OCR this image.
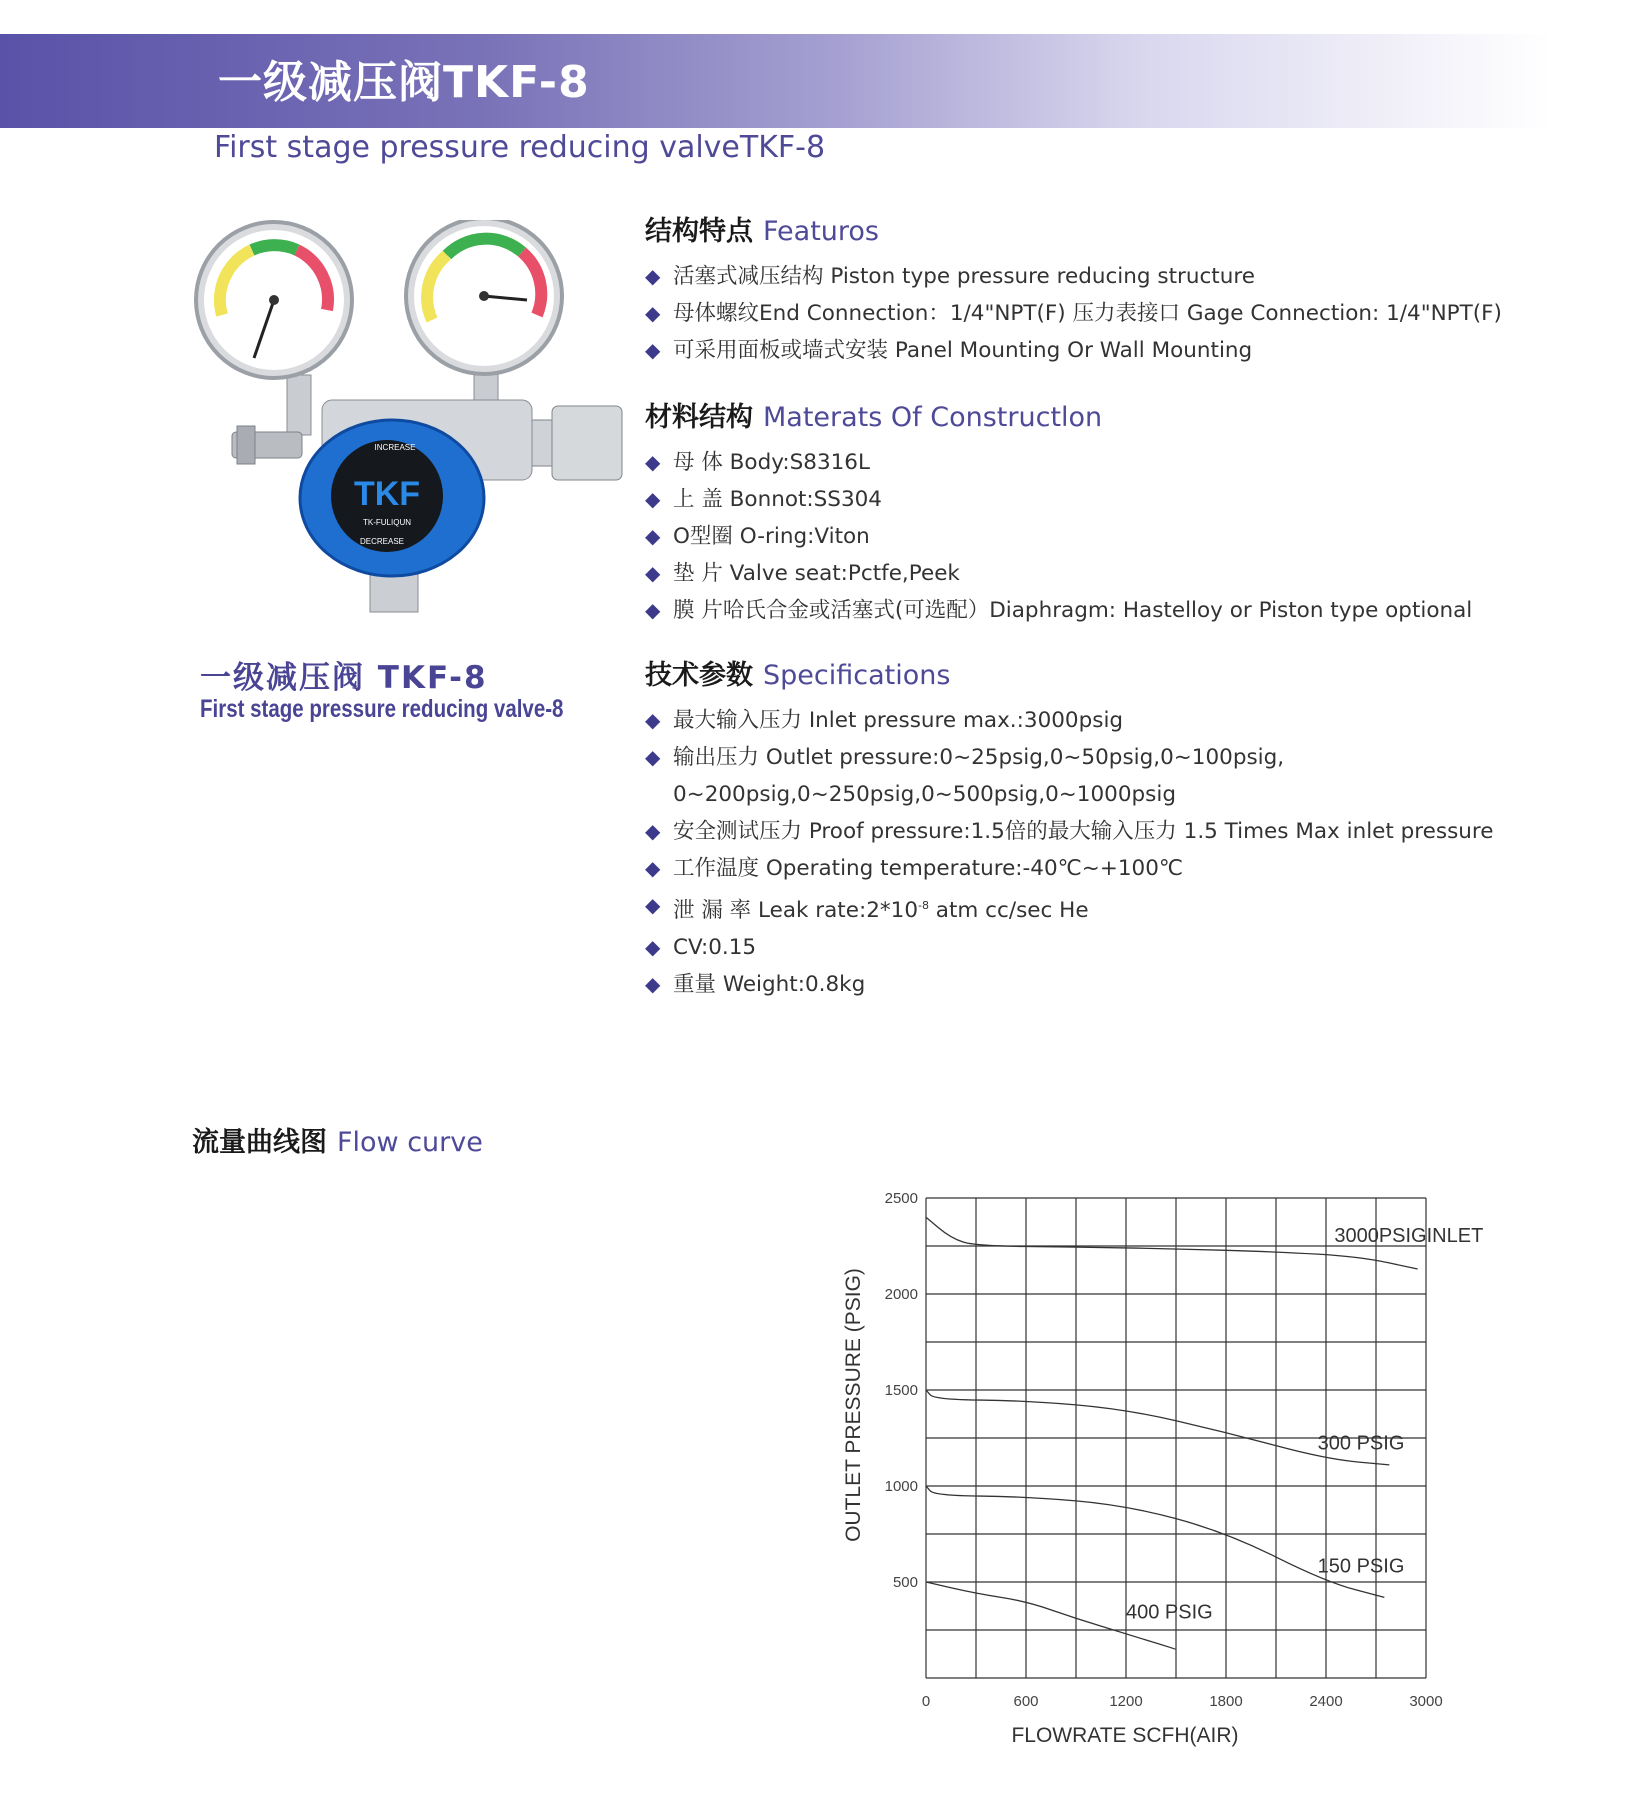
一级减压阀TKF-8
First stage pressure reducing valveTKF-8
TKF
TK-FULIQUN
INCREASE
DECREASE
一级减压阀 TKF-8
First stage pressure reducing valve-8
结构特点 Featuros
◆ 活塞式减压结构 Piston type pressure reducing structure
◆ 母体螺纹End Connection：1/4"NPT(F) 压力表接口 Gage Connection: 1/4"NPT(F)
◆ 可采用面板或墙式安装 Panel Mounting Or Wall Mounting
材料结构 Materats Of Constructlon
◆ 母 体 Body:S8316L
◆ 上 盖 Bonnot:SS304
◆ O型圈 O-ring:Viton
◆ 垫 片 Valve seat:Pctfe,Peek
◆ 膜 片哈氏合金或活塞式(可选配）Diaphragm: Hastelloy or Piston type optional
技术参数 Specifications
◆ 最大输入压力 Inlet pressure max.:3000psig
◆ 输出压力 Outlet pressure:0~25psig,0~50psig,0~100psig,
0~200psig,0~250psig,0~500psig,0~1000psig
◆ 安全测试压力 Proof pressure:1.5倍的最大输入压力 1.5 Times Max inlet pressure
◆ 工作温度 Operating temperature:-40℃~+100℃
◆ 泄 漏 率 Leak $rate:2*10^{-8}$ atm cc/sec He
◆ CV:0.15
◆ 重量 Weight:0.8kg
流量曲线图 Flow curve
0	600	1200	1800	2400	3000
500
1000
1500
2000
2500
3000PSIGINLET
300 PSIG
150 PSIG
400 PSIG
FLOWRATE SCFH(AIR)
OUTLET PRESSURE (PSIG)
